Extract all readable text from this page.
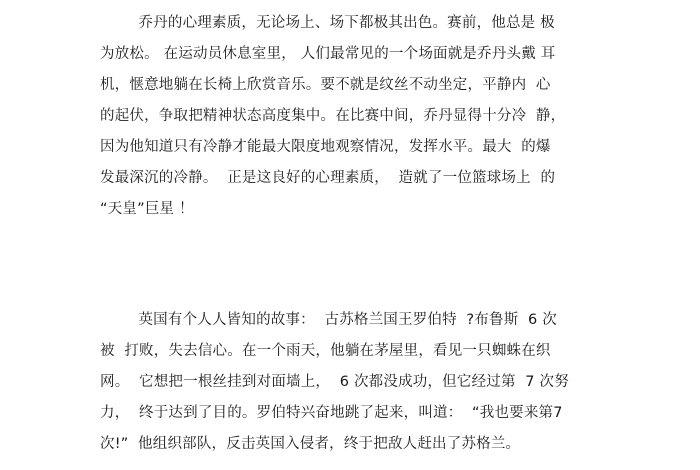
乔丹的心理素质，无论场上、场下都极其出色。赛前，他总是 极
为放松。 在运动员休息室里， 人们最常见的一个场面就是乔丹头戴 耳
机，惬意地躺在长椅上欣赏音乐。要不就是纹丝不动坐定，平静内  心
的起伏，争取把精神状态高度集中。在比赛中间，乔丹显得十分冷  静，
因为他知道只有冷静才能最大限度地观察情况，发挥水平。最大  的爆
发最深沉的冷静。  正是这良好的心理素质，  造就了一位篮球场上  的
“天皇”巨星 ！
英国有个人人皆知的故事：  古苏格兰国王罗伯特  ?布鲁斯  6 次
被  打败，失去信心。在一个雨天，他躺在茅屋里，看见一只蜘蛛在织
网。  它想把一根丝挂到对面墙上，  6 次都没成功，但它经过第  7 次努
力，  终于达到了目的。罗伯特兴奋地跳了起来，叫道：  “我也要来第7
次!”  他组织部队，反击英国入侵者，终于把敌人赶出了苏格兰。
